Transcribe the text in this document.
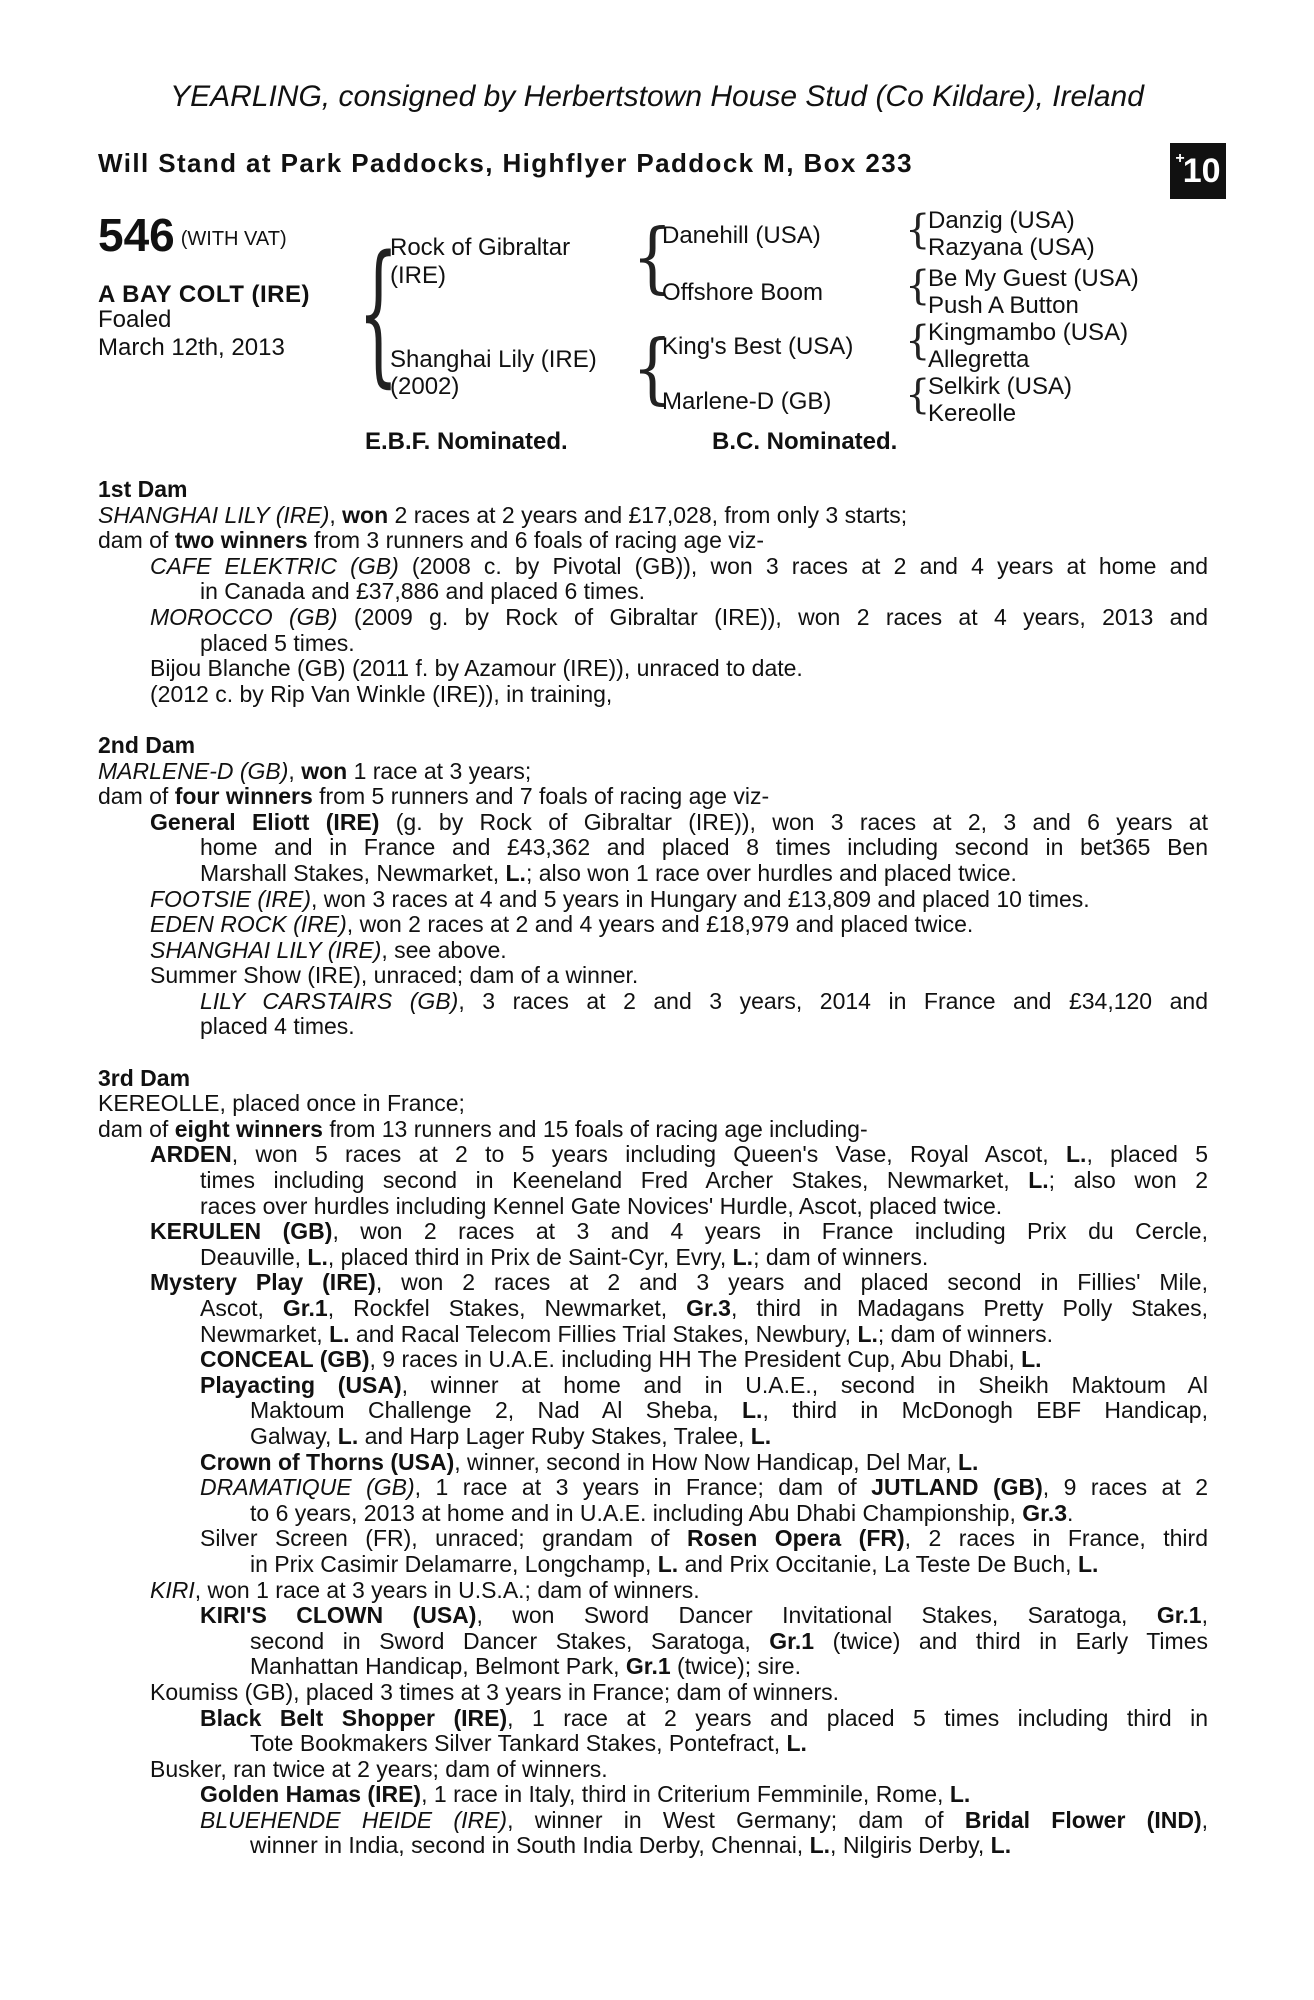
YEARLING, consigned by Herbertstown House Stud (Co Kildare), Ireland
Will Stand at Park Paddocks, Highflyer Paddock M, Box 233	+
10
546 (WITH VAT)
A BAY COLT (IRE)
Foaled
March 12th, 2013 {
Rock of Gibraltar
(IRE)
Shanghai Lily (IRE)
(2002)
{
Danehill (USA)
Offshore Boom
{
King's Best (USA)
Marlene-D (GB)
{
Danzig (USA)
Razyana (USA)
{
Be My Guest (USA)
Push A Button
{
Kingmambo (USA)
Allegretta
{
Selkirk (USA)
Kereolle
E.B.F. Nominated.	B.C. Nominated.
1st Dam
SHANGHAI LILY (IRE), won 2 races at 2 years and £17,028, from only 3 starts;
dam of two winners from 3 runners and 6 foals of racing age viz-
CAFE ELEKTRIC (GB) (2008 c. by Pivotal (GB)), won 3 races at 2 and 4 years at home and
in Canada and £37,886 and placed 6 times.
MOROCCO (GB) (2009 g. by Rock of Gibraltar (IRE)), won 2 races at 4 years, 2013 and
placed 5 times.
Bijou Blanche (GB) (2011 f. by Azamour (IRE)), unraced to date.
(2012 c. by Rip Van Winkle (IRE)), in training,
2nd Dam
MARLENE-D (GB), won 1 race at 3 years;
dam of four winners from 5 runners and 7 foals of racing age viz-
General Eliott (IRE) (g. by Rock of Gibraltar (IRE)), won 3 races at 2, 3 and 6 years at
home and in France and £43,362 and placed 8 times including second in bet365 Ben
Marshall Stakes, Newmarket, L.; also won 1 race over hurdles and placed twice.
FOOTSIE (IRE), won 3 races at 4 and 5 years in Hungary and £13,809 and placed 10 times.
EDEN ROCK (IRE), won 2 races at 2 and 4 years and £18,979 and placed twice.
SHANGHAI LILY (IRE), see above.
Summer Show (IRE), unraced; dam of a winner.
LILY CARSTAIRS (GB), 3 races at 2 and 3 years, 2014 in France and £34,120 and
placed 4 times.
3rd Dam
KEREOLLE, placed once in France;
dam of eight winners from 13 runners and 15 foals of racing age including-
ARDEN, won 5 races at 2 to 5 years including Queen's Vase, Royal Ascot, L., placed 5
times including second in Keeneland Fred Archer Stakes, Newmarket, L.; also won 2
races over hurdles including Kennel Gate Novices' Hurdle, Ascot, placed twice.
KERULEN (GB), won 2 races at 3 and 4 years in France including Prix du Cercle,
Deauville, L., placed third in Prix de Saint-Cyr, Evry, L.; dam of winners.
Mystery Play (IRE), won 2 races at 2 and 3 years and placed second in Fillies' Mile,
Ascot, Gr.1, Rockfel Stakes, Newmarket, Gr.3, third in Madagans Pretty Polly Stakes,
Newmarket, L. and Racal Telecom Fillies Trial Stakes, Newbury, L.; dam of winners.
CONCEAL (GB), 9 races in U.A.E. including HH The President Cup, Abu Dhabi, L.
Playacting (USA), winner at home and in U.A.E., second in Sheikh Maktoum Al
Maktoum Challenge 2, Nad Al Sheba, L., third in McDonogh EBF Handicap,
Galway, L. and Harp Lager Ruby Stakes, Tralee, L.
Crown of Thorns (USA), winner, second in How Now Handicap, Del Mar, L.
DRAMATIQUE (GB), 1 race at 3 years in France; dam of JUTLAND (GB), 9 races at 2
to 6 years, 2013 at home and in U.A.E. including Abu Dhabi Championship, Gr.3.
Silver Screen (FR), unraced; grandam of Rosen Opera (FR), 2 races in France, third
in Prix Casimir Delamarre, Longchamp, L. and Prix Occitanie, La Teste De Buch, L.
KIRI, won 1 race at 3 years in U.S.A.; dam of winners.
KIRI'S CLOWN (USA), won Sword Dancer Invitational Stakes, Saratoga, Gr.1,
second in Sword Dancer Stakes, Saratoga, Gr.1 (twice) and third in Early Times
Manhattan Handicap, Belmont Park, Gr.1 (twice); sire.
Koumiss (GB), placed 3 times at 3 years in France; dam of winners.
Black Belt Shopper (IRE), 1 race at 2 years and placed 5 times including third in
Tote Bookmakers Silver Tankard Stakes, Pontefract, L.
Busker, ran twice at 2 years; dam of winners.
Golden Hamas (IRE), 1 race in Italy, third in Criterium Femminile, Rome, L.
BLUEHENDE HEIDE (IRE), winner in West Germany; dam of Bridal Flower (IND),
winner in India, second in South India Derby, Chennai, L., Nilgiris Derby, L.
